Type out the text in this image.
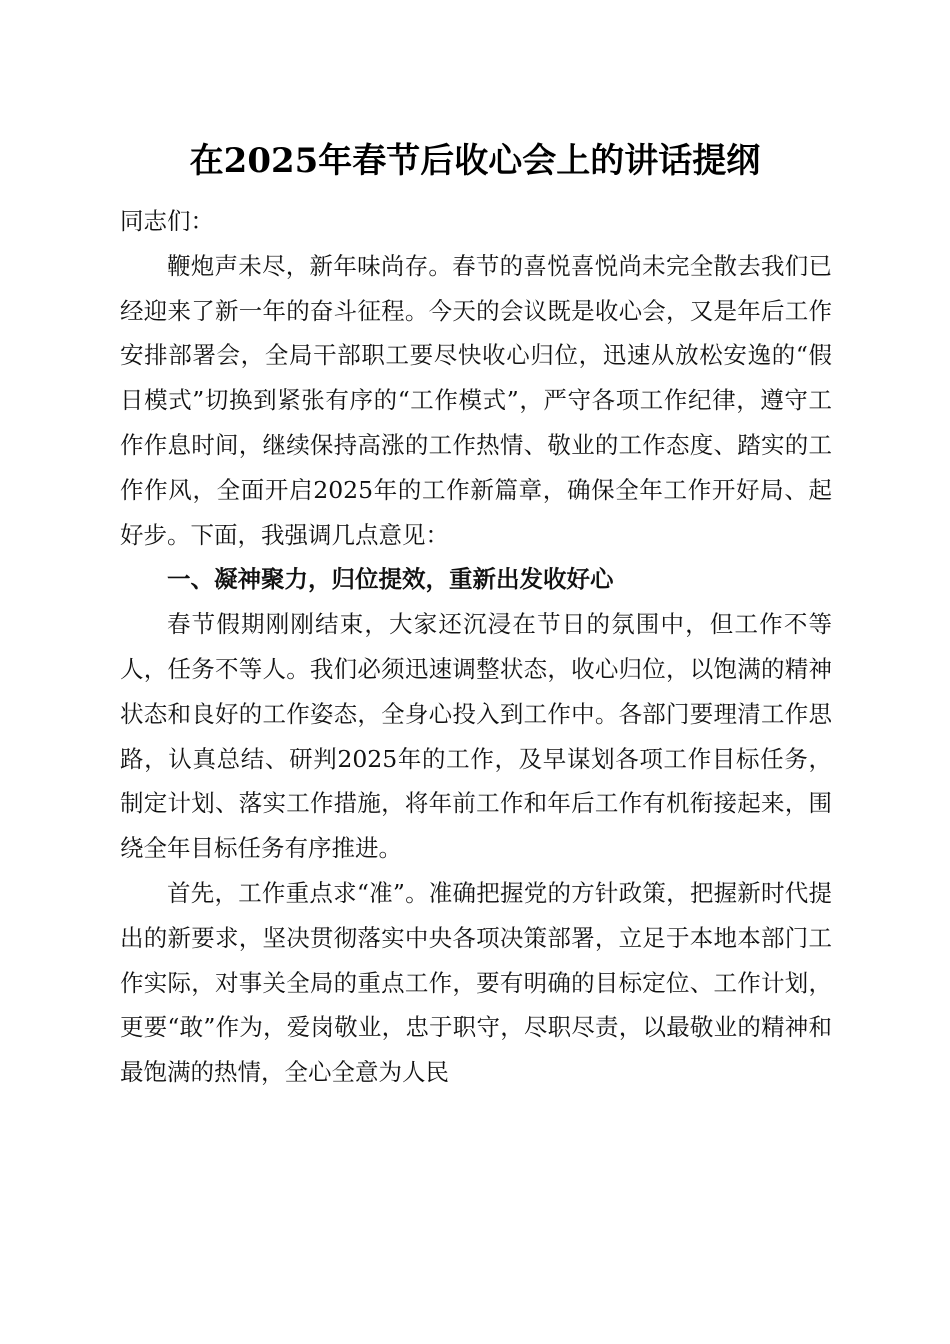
在2025年春节后收心会上的讲话提纲

同志们：

鞭炮声未尽，新年味尚存。春节的喜悦喜悦尚未完全散去我们已经迎来了新一年的奋斗征程。今天的会议既是收心会，又是年后工作安排部署会，全局干部职工要尽快收心归位，迅速从放松安逸的“假日模式”切换到紧张有序的“工作模式”，严守各项工作纪律，遵守工作作息时间，继续保持高涨的工作热情、敬业的工作态度、踏实的工作作风，全面开启2025年的工作新篇章，确保全年工作开好局、起好步。下面，我强调几点意见：

一、凝神聚力，归位提效，重新出发收好心

春节假期刚刚结束，大家还沉浸在节日的氛围中，但工作不等人，任务不等人。我们必须迅速调整状态，收心归位，以饱满的精神状态和良好的工作姿态，全身心投入到工作中。各部门要理清工作思路，认真总结、研判2025年的工作，及早谋划各项工作目标任务，制定计划、落实工作措施，将年前工作和年后工作有机衔接起来，围绕全年目标任务有序推进。

首先，工作重点求“准”。准确把握党的方针政策，把握新时代提出的新要求，坚决贯彻落实中央各项决策部署，立足于本地本部门工作实际，对事关全局的重点工作，要有明确的目标定位、工作计划，更要“敢”作为，爱岗敬业，忠于职守，尽职尽责，以最敬业的精神和最饱满的热情，全心全意为人民
